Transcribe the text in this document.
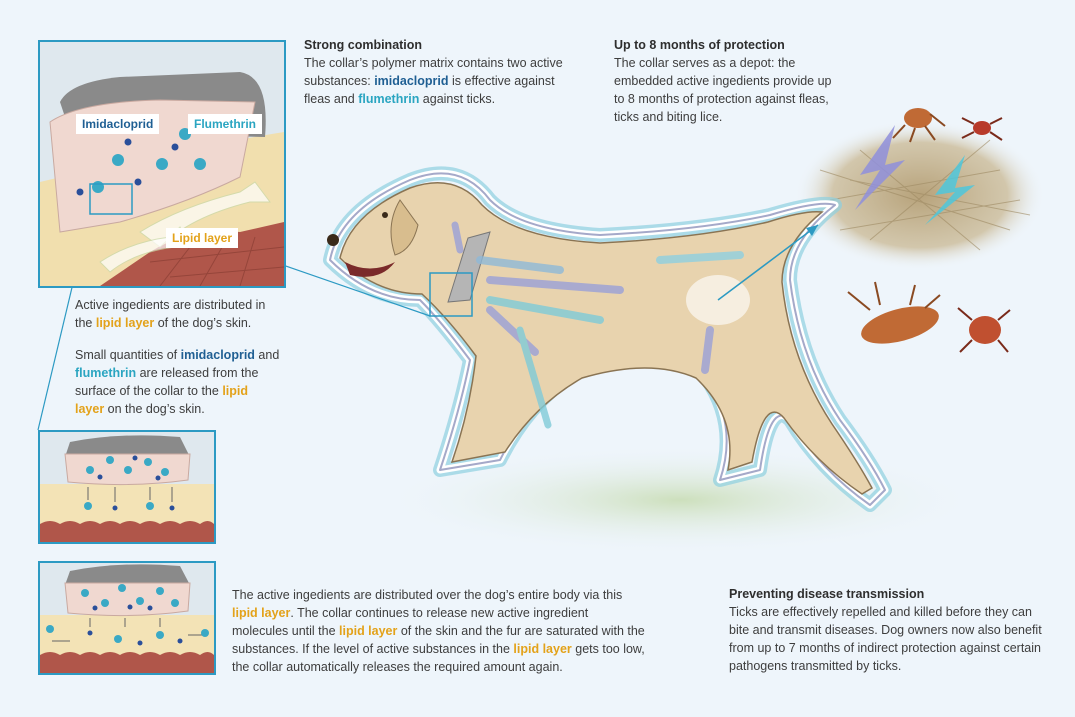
Imidacloprid	Flumethrin
Lipid layer
Strong combination

The collar’s polymer matrix contains two active substances: imidacloprid is effective against fleas and flumethrin against ticks.

Up to 8 months of protection

The collar serves as a depot: the embedded active ingedients provide up to 8 months of protection against fleas, ticks and biting lice.

Active ingedients are distributed in the lipid layer of the dog’s skin.

Small quantities of imidacloprid and flumethrin are released from the surface of the collar to the lipid layer on the dog’s skin.

The active ingedients are distributed over the dog’s entire body via this lipid layer. The collar continues to release new active ingredient molecules until the lipid layer of the skin and the fur are saturated with the substances. If the level of active substances in the lipid layer gets too low, the collar automatically releases the required amount again.

Preventing disease transmission

Ticks are effectively repelled and killed before they can bite and transmit diseases. Dog owners now also benefit from up to 7 months of indirect protection against certain pathogens transmitted by ticks.
